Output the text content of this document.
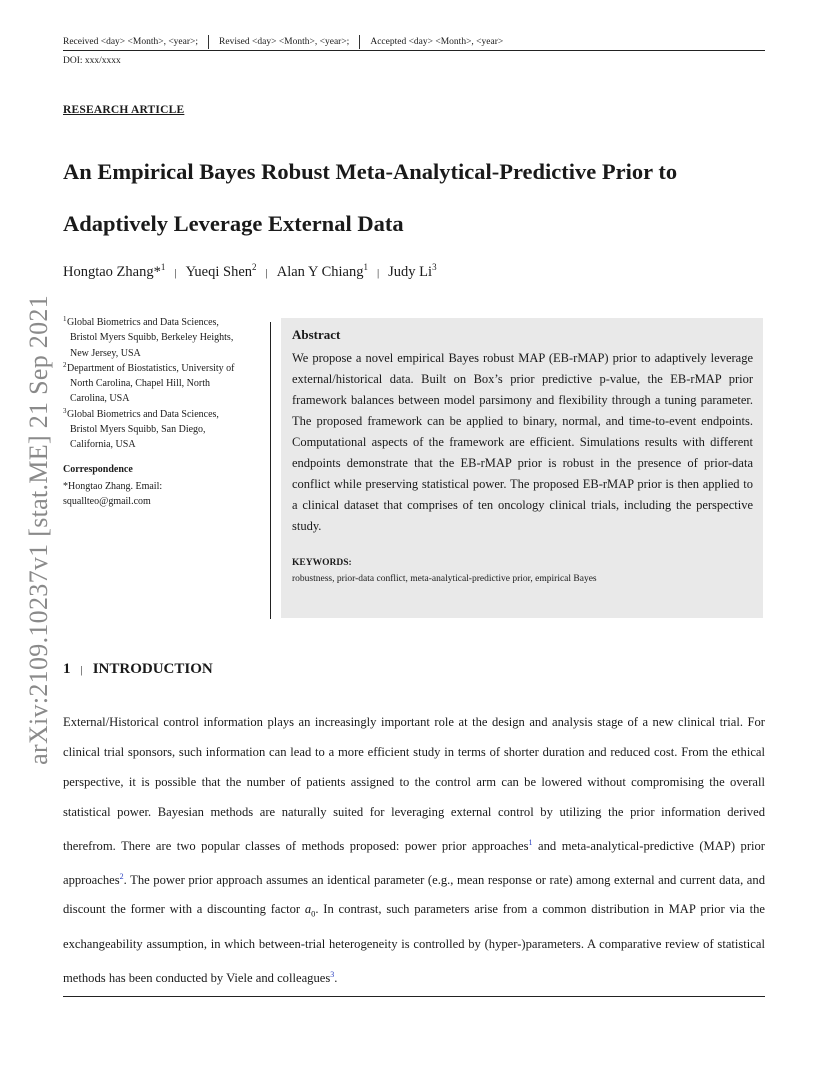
Received <day> <Month>, <year>; Revised <day> <Month>, <year>; Accepted <day> <Month>, <year>
DOI: xxx/xxxx
RESEARCH ARTICLE
An Empirical Bayes Robust Meta-Analytical-Predictive Prior to
Adaptively Leverage External Data
Hongtao Zhang*$^1$ | Yueqi Shen$^2$ | Alan Y Chiang$^1$ | Judy Li$^3$
1 Global Biometrics and Data Sciences,
Bristol Myers Squibb, Berkeley Heights,
New Jersey, USA
2 Department of Biostatistics, University of
North Carolina, Chapel Hill, North
Carolina, USA
3 Global Biometrics and Data Sciences,
Bristol Myers Squibb, San Diego,
California, USA
Correspondence
*Hongtao Zhang. Email:
squallteo@gmail.com
Abstract
We propose a novel empirical Bayes robust MAP (EB-rMAP) prior to adaptively leverage external/historical data. Built on Box’s prior predictive p-value, the EB-rMAP prior framework balances between model parsimony and flexibility through a tuning parameter. The proposed framework can be applied to binary, normal, and time-to-event endpoints. Computational aspects of the framework are efficient. Simulations results with different endpoints demonstrate that the EB-rMAP prior is robust in the presence of prior-data conflict while preserving statistical power. The proposed EB-rMAP prior is then applied to a clinical dataset that comprises of ten oncology clinical trials, including the perspective study.
KEYWORDS:
robustness, prior-data conflict, meta-analytical-predictive prior, empirical Bayes
arXiv:2109.10237v1 [stat.ME] 21 Sep 2021 1 | INTRODUCTION
External/Historical control information plays an increasingly important role at the design and analysis stage of a new clinical trial. For clinical trial sponsors, such information can lead to a more efficient study in terms of shorter duration and reduced cost. From the ethical perspective, it is possible that the number of patients assigned to the control arm can be lowered without compromising the overall statistical power. Bayesian methods are naturally suited for leveraging external control by utilizing the prior information derived therefrom. There are two popular classes of methods proposed: power prior approaches$^1$ and meta-analytical-predictive (MAP) prior approaches$^2$. The power prior approach assumes an identical parameter (e.g., mean response or rate) among external and current data, and discount the former with a discounting factor $a_0$. In contrast, such parameters arise from a common distribution in MAP prior via the exchangeability assumption, in which between-trial heterogeneity is controlled by (hyper-)parameters. A comparative review of statistical methods has been conducted by Viele and colleagues$^3$.
